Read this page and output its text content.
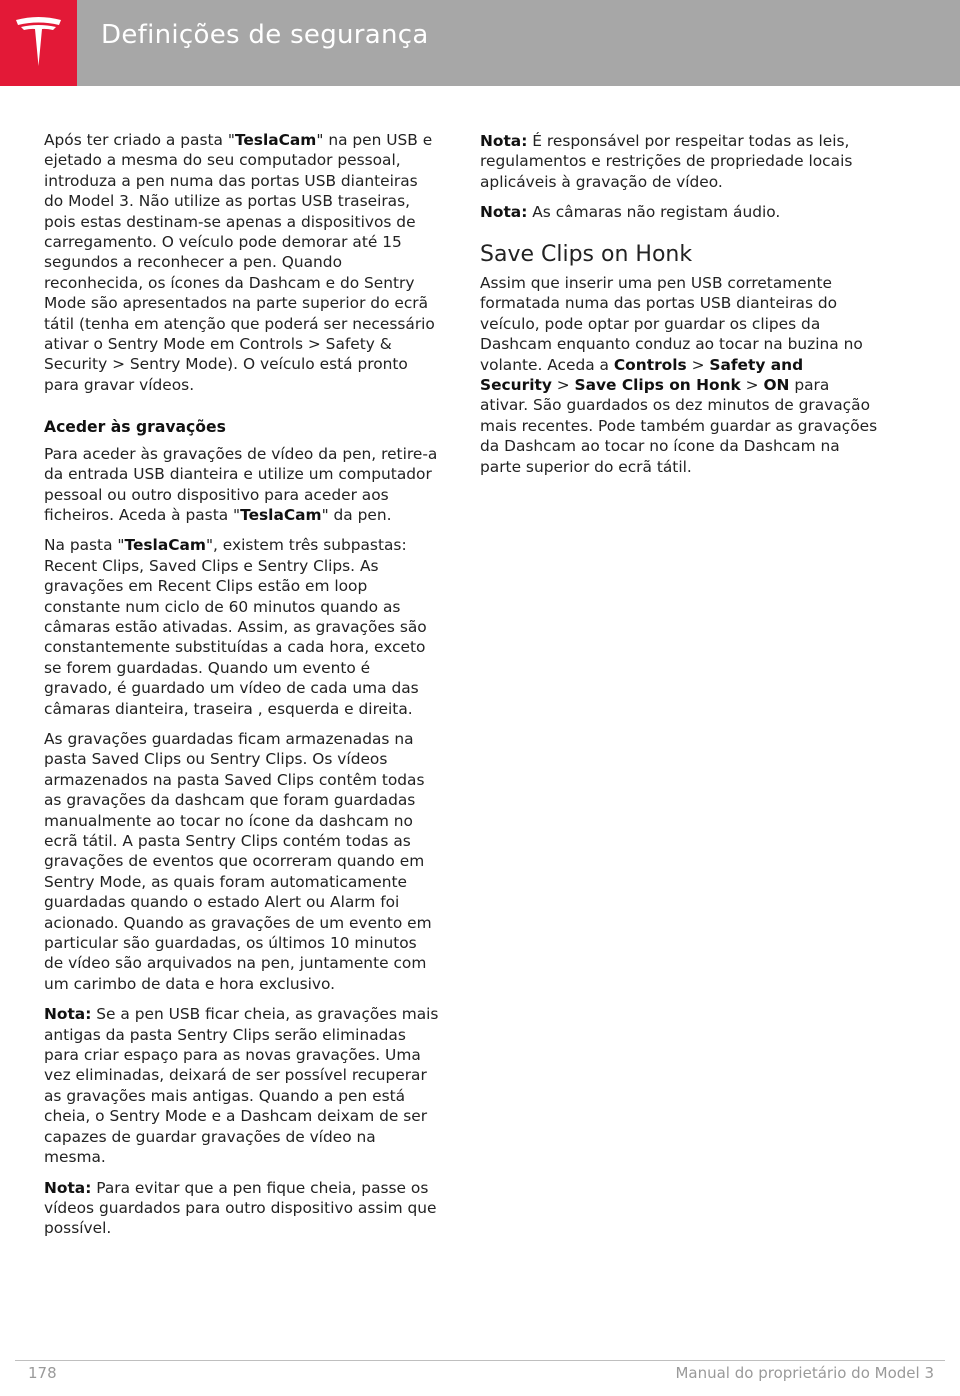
Definições de segurança

Após ter criado a pasta "TeslaCam" na pen USB e ejetado a mesma do seu computador pessoal, introduza a pen numa das portas USB dianteiras do Model 3. Não utilize as portas USB traseiras, pois estas destinam-se apenas a dispositivos de carregamento. O veículo pode demorar até 15 segundos a reconhecer a pen. Quando reconhecida, os ícones da Dashcam e do Sentry Mode são apresentados na parte superior do ecrã tátil (tenha em atenção que poderá ser necessário ativar o Sentry Mode em Controls > Safety & Security > Sentry Mode). O veículo está pronto para gravar vídeos.

Aceder às gravações

Para aceder às gravações de vídeo da pen, retire-a da entrada USB dianteira e utilize um computador pessoal ou outro dispositivo para aceder aos ficheiros. Aceda à pasta "TeslaCam" da pen.

Na pasta "TeslaCam", existem três subpastas: Recent Clips, Saved Clips e Sentry Clips. As gravações em Recent Clips estão em loop constante num ciclo de 60 minutos quando as câmaras estão ativadas. Assim, as gravações são constantemente substituídas a cada hora, exceto se forem guardadas. Quando um evento é gravado, é guardado um vídeo de cada uma das câmaras dianteira, traseira , esquerda e direita.

As gravações guardadas ficam armazenadas na pasta Saved Clips ou Sentry Clips. Os vídeos armazenados na pasta Saved Clips contêm todas as gravações da dashcam que foram guardadas manualmente ao tocar no ícone da dashcam no ecrã tátil. A pasta Sentry Clips contém todas as gravações de eventos que ocorreram quando em Sentry Mode, as quais foram automaticamente guardadas quando o estado Alert ou Alarm foi acionado. Quando as gravações de um evento em particular são guardadas, os últimos 10 minutos de vídeo são arquivados na pen, juntamente com um carimbo de data e hora exclusivo.

Nota: Se a pen USB ficar cheia, as gravações mais antigas da pasta Sentry Clips serão eliminadas para criar espaço para as novas gravações. Uma vez eliminadas, deixará de ser possível recuperar as gravações mais antigas. Quando a pen está cheia, o Sentry Mode e a Dashcam deixam de ser capazes de guardar gravações de vídeo na mesma.

Nota: Para evitar que a pen fique cheia, passe os vídeos guardados para outro dispositivo assim que possível.

Nota: É responsável por respeitar todas as leis, regulamentos e restrições de propriedade locais aplicáveis à gravação de vídeo.

Nota: As câmaras não registam áudio.

Save Clips on Honk

Assim que inserir uma pen USB corretamente formatada numa das portas USB dianteiras do veículo, pode optar por guardar os clipes da Dashcam enquanto conduz ao tocar na buzina no volante. Aceda a Controls > Safety and Security > Save Clips on Honk > ON para ativar. São guardados os dez minutos de gravação mais recentes. Pode também guardar as gravações da Dashcam ao tocar no ícone da Dashcam na parte superior do ecrã tátil.

178	Manual do proprietário do Model 3
